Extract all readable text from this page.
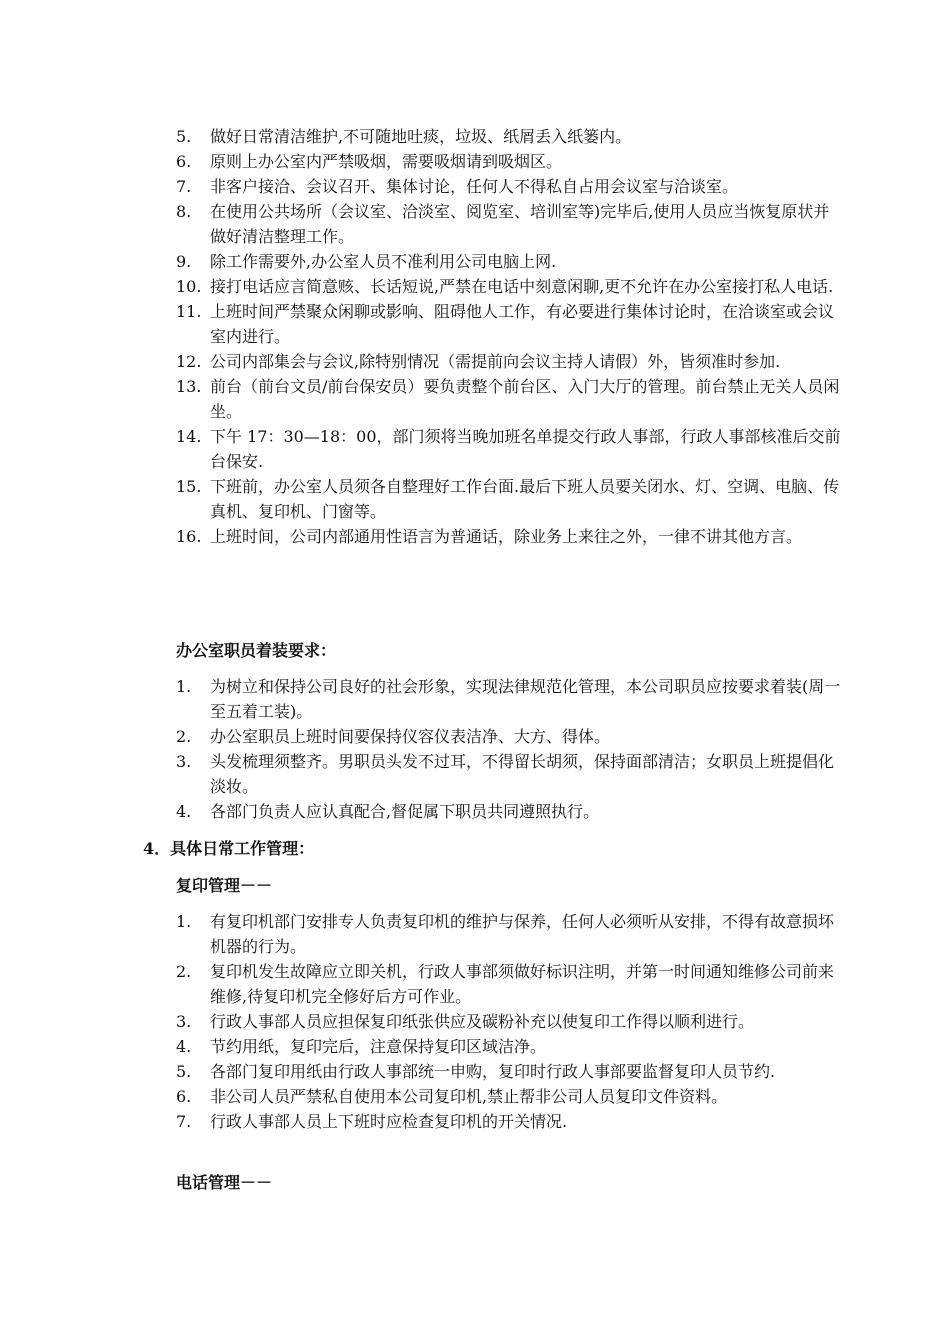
5.	做好日常清洁维护,不可随地吐痰，垃圾、纸屑丢入纸篓内。
6.	原则上办公室内严禁吸烟，需要吸烟请到吸烟区。
7.	非客户接洽、会议召开、集体讨论，任何人不得私自占用会议室与洽谈室。
8.	在使用公共场所（会议室、洽淡室、阅览室、培训室等)完毕后,使用人员应当恢复原状并做好清洁整理工作。
9.	除工作需要外,办公室人员不准利用公司电脑上网.
10. 接打电话应言简意赅、长话短说,严禁在电话中刻意闲聊,更不允许在办公室接打私人电话.
11. 上班时间严禁聚众闲聊或影响、阻碍他人工作，有必要进行集体讨论时，在洽谈室或会议室内进行。
12. 公司内部集会与会议,除特别情况（需提前向会议主持人请假）外，皆须准时参加.
13. 前台（前台文员/前台保安员）要负责整个前台区、入门大厅的管理。前台禁止无关人员闲坐。
14. 下午 17：30—18：00，部门须将当晚加班名单提交行政人事部，行政人事部核准后交前台保安.
15. 下班前，办公室人员须各自整理好工作台面.最后下班人员要关闭水、灯、空调、电脑、传真机、复印机、门窗等。
16. 上班时间，公司内部通用性语言为普通话，除业务上来往之外，一律不讲其他方言。
办公室职员着装要求：
1.	为树立和保持公司良好的社会形象，实现法律规范化管理，本公司职员应按要求着装(周一至五着工装)。
2.	办公室职员上班时间要保持仪容仪表洁净、大方、得体。
3.	头发梳理须整齐。男职员头发不过耳，不得留长胡须，保持面部清洁；女职员上班提倡化淡妆。
4.	各部门负责人应认真配合,督促属下职员共同遵照执行。
4．具体日常工作管理：
复印管理－－
1.	有复印机部门安排专人负责复印机的维护与保养，任何人必须听从安排，不得有故意损坏机器的行为。
2.	复印机发生故障应立即关机，行政人事部须做好标识注明，并第一时间通知维修公司前来维修,待复印机完全修好后方可作业。
3.	行政人事部人员应担保复印纸张供应及碳粉补充以使复印工作得以顺利进行。
4.	节约用纸，复印完后，注意保持复印区域洁净。
5.	各部门复印用纸由行政人事部统一申购，复印时行政人事部要监督复印人员节约.
6.	非公司人员严禁私自使用本公司复印机,禁止帮非公司人员复印文件资料。
7.	行政人事部人员上下班时应检查复印机的开关情况.
电话管理－－
